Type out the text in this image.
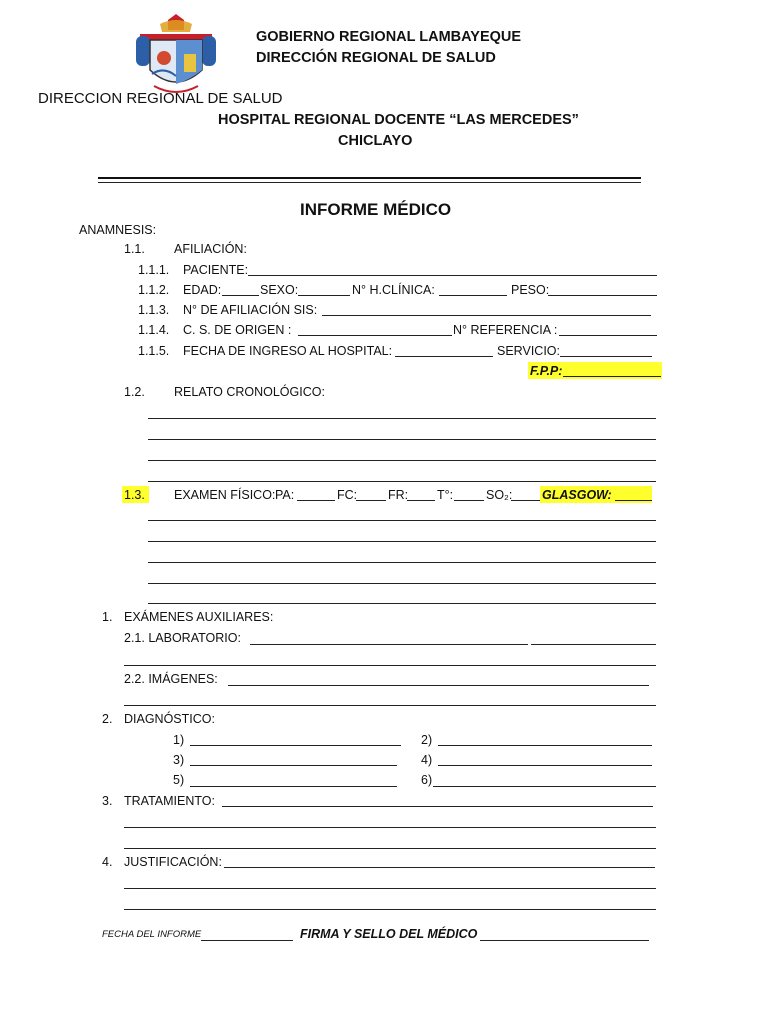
GOBIERNO REGIONAL LAMBAYEQUE
DIRECCIÓN REGIONAL DE SALUD
DIRECCION REGIONAL DE SALUD
HOSPITAL REGIONAL DOCENTE “LAS MERCEDES”
CHICLAYO
INFORME MÉDICO
ANAMNESIS:
1.1. AFILIACIÓN:
1.1.1. PACIENTE:
1.1.2. EDAD:	SEXO:	N° H.CLÍNICA:	PESO:
1.1.3. N° DE AFILIACIÓN SIS:
1.1.4. C. S. DE ORIGEN :	N° REFERENCIA :
1.1.5. FECHA DE INGRESO AL HOSPITAL:	SERVICIO:
F.P.P:
1.2. RELATO CRONOLÓGICO:
1.3. EXAMEN FÍSICO: PA:	FC: FR: T°:	SO₂: GLASGOW:
1. EXÁMENES AUXILIARES:
2.1. LABORATORIO:
2.2. IMÁGENES:
2. DIAGNÓSTICO:
1)	2)
3)	4)
5)	6)
3. TRATAMIENTO:
4. JUSTIFICACIÓN:
FECHA DEL INFORME	FIRMA Y SELLO DEL MÉDICO
